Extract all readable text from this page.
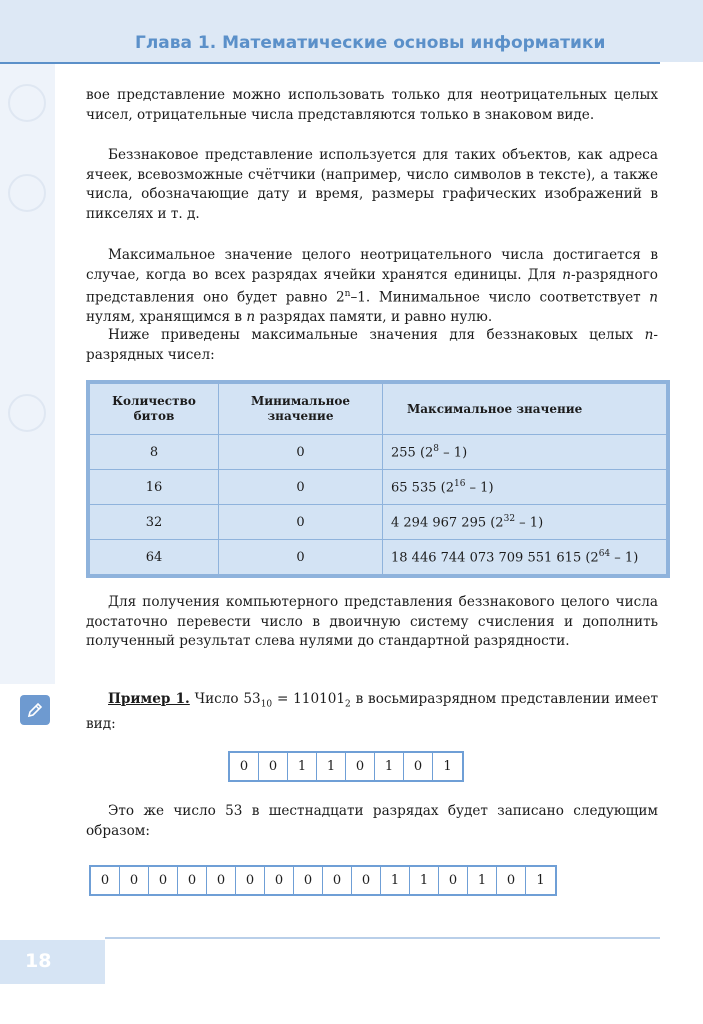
Глава 1. Математические основы информатики

вое представление можно использовать только для неотрицательных целых чисел, отрицательные числа представляются только в знаковом виде.

Беззнаковое представление используется для таких объектов, как адреса ячеек, всевозможные счётчики (например, число символов в тексте), а также числа, обозначающие дату и время, размеры графических изображений в пикселях и т. д.

Максимальное значение целого неотрицательного числа достигается в случае, когда во всех разрядах ячейки хранятся единицы. Для n-разрядного представления оно будет равно 2$^n$–1. Минимальное число соответствует n нулям, хранящимся в n разрядах памяти, и равно нулю.

Ниже приведены максимальные значения для беззнаковых целых n-разрядных чисел:

Количество битов	Минимальное значение	Максимальное значение
8	0	255 $(2^8 - 1)$
16	0	65 535 $(2^{16} - 1)$
32	0	4 294 967 295 $(2^{32} - 1)$
64	0	18 446 744 073 709 551 615 $(2^{64} - 1)$

Для получения компьютерного представления беззнакового целого числа достаточно перевести число в двоичную систему счисления и дополнить полученный результат слева нулями до стандартной разрядности.

Пример 1. Число $53_{10} = 110101_2$ в восьмиразрядном представлении имеет вид:

0	0	1	1	0	1	0	1

Это же число 53 в шестнадцати разрядах будет записано следующим образом:

0	0	0	0	0	0	0	0	0	0	1	1	0	1	0	1
18
